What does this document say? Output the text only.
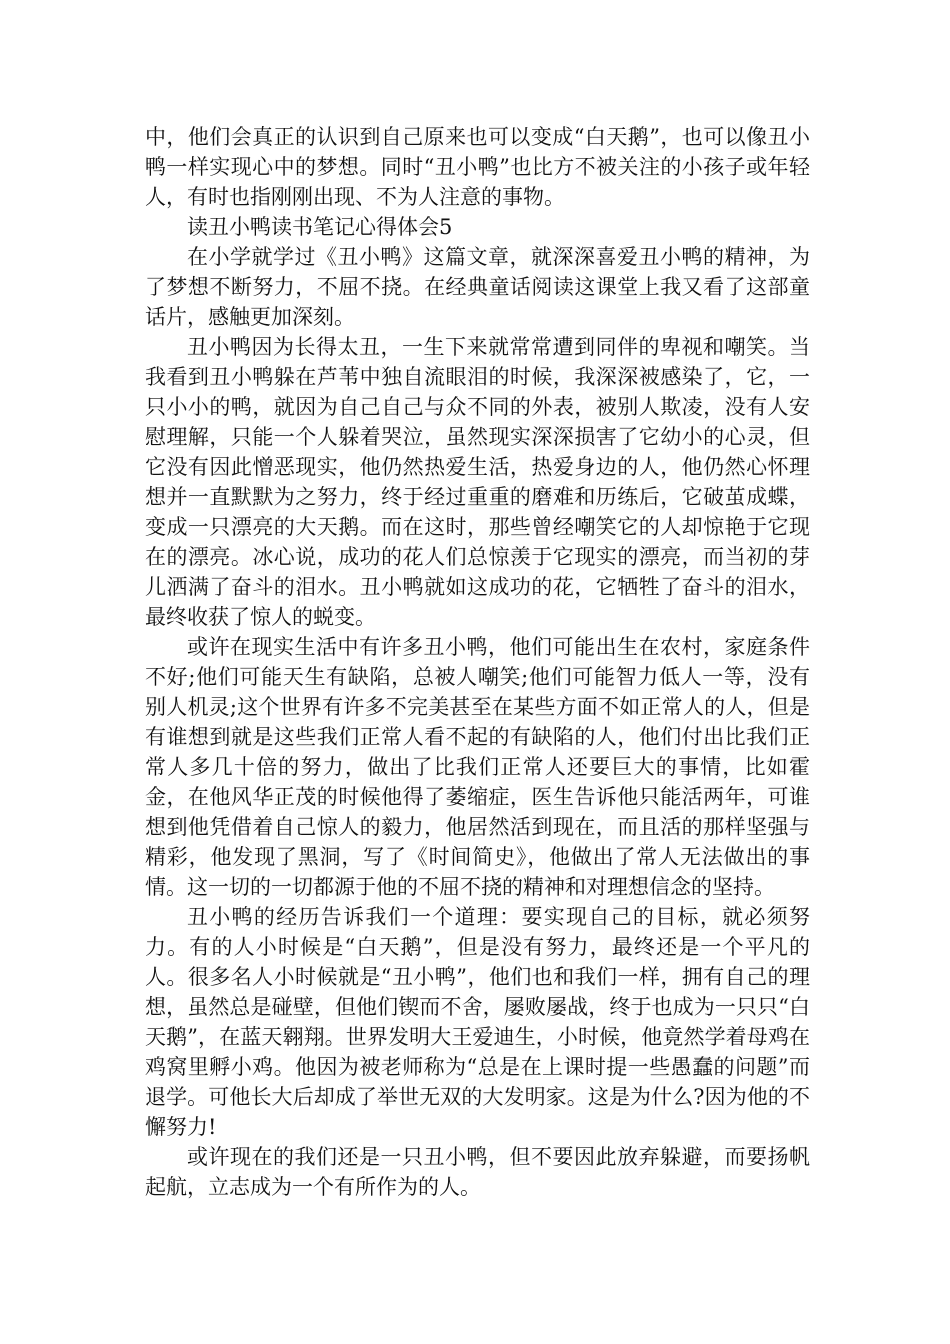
中，他们会真正的认识到自己原来也可以变成“白天鹅”，也可以像丑小鸭一样实现心中的梦想。同时“丑小鸭”也比方不被关注的小孩子或年轻人，有时也指刚刚出现、不为人注意的事物。

读丑小鸭读书笔记心得体会5

在小学就学过《丑小鸭》这篇文章，就深深喜爱丑小鸭的精神，为了梦想不断努力，不屈不挠。在经典童话阅读这课堂上我又看了这部童话片，感触更加深刻。

丑小鸭因为长得太丑，一生下来就常常遭到同伴的卑视和嘲笑。当我看到丑小鸭躲在芦苇中独自流眼泪的时候，我深深被感染了，它，一只小小的鸭，就因为自己自己与众不同的外表，被别人欺凌，没有人安慰理解，只能一个人躲着哭泣，虽然现实深深损害了它幼小的心灵，但它没有因此憎恶现实，他仍然热爱生活，热爱身边的人，他仍然心怀理想并一直默默为之努力，终于经过重重的磨难和历练后，它破茧成蝶，变成一只漂亮的大天鹅。而在这时，那些曾经嘲笑它的人却惊艳于它现在的漂亮。冰心说，成功的花人们总惊羡于它现实的漂亮，而当初的芽儿洒满了奋斗的泪水。丑小鸭就如这成功的花，它牺牲了奋斗的泪水，最终收获了惊人的蜕变。

或许在现实生活中有许多丑小鸭，他们可能出生在农村，家庭条件不好;他们可能天生有缺陷，总被人嘲笑;他们可能智力低人一等，没有别人机灵;这个世界有许多不完美甚至在某些方面不如正常人的人，但是有谁想到就是这些我们正常人看不起的有缺陷的人，他们付出比我们正常人多几十倍的努力，做出了比我们正常人还要巨大的事情，比如霍金，在他风华正茂的时候他得了萎缩症，医生告诉他只能活两年，可谁想到他凭借着自己惊人的毅力，他居然活到现在，而且活的那样坚强与精彩，他发现了黑洞，写了《时间简史》，他做出了常人无法做出的事情。这一切的一切都源于他的不屈不挠的精神和对理想信念的坚持。

丑小鸭的经历告诉我们一个道理：要实现自己的目标，就必须努力。有的人小时候是“白天鹅”，但是没有努力，最终还是一个平凡的人。很多名人小时候就是“丑小鸭”，他们也和我们一样，拥有自己的理想，虽然总是碰壁，但他们锲而不舍，屡败屡战，终于也成为一只只“白天鹅”，在蓝天翱翔。世界发明大王爱迪生，小时候，他竟然学着母鸡在鸡窝里孵小鸡。他因为被老师称为“总是在上课时提一些愚蠢的问题”而退学。可他长大后却成了举世无双的大发明家。这是为什么?因为他的不懈努力!

或许现在的我们还是一只丑小鸭，但不要因此放弃躲避，而要扬帆起航，立志成为一个有所作为的人。
